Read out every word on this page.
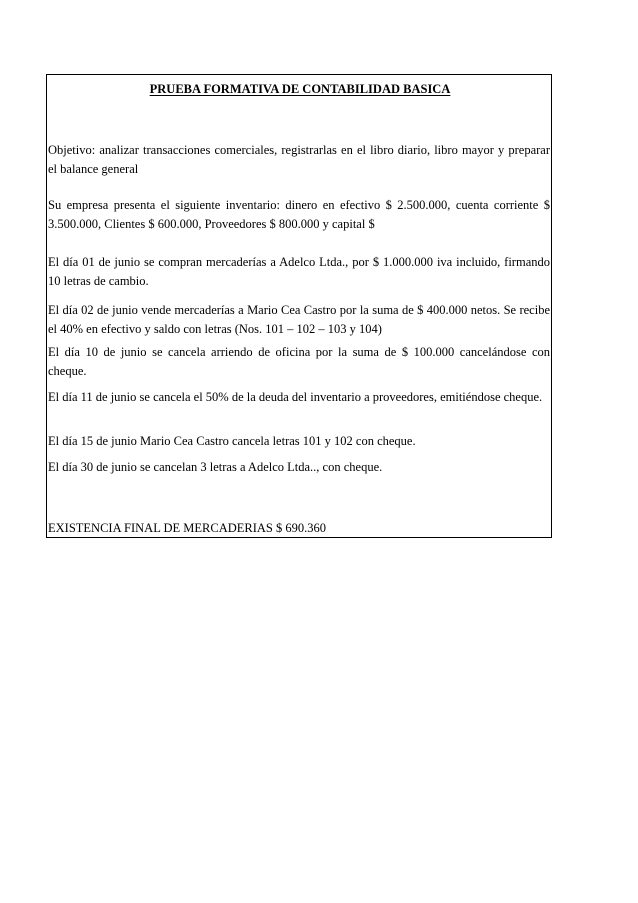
PRUEBA FORMATIVA DE CONTABILIDAD BASICA

Objetivo: analizar transacciones comerciales, registrarlas en el libro diario, libro mayor y preparar el balance general

Su empresa presenta el siguiente inventario: dinero en efectivo $ 2.500.000, cuenta corriente $ 3.500.000, Clientes $ 600.000, Proveedores $ 800.000 y capital $

El día 01 de junio se compran mercaderías a Adelco Ltda., por $ 1.000.000 iva incluido, firmando 10 letras de cambio.

El día 02 de junio vende mercaderías a Mario Cea Castro por la suma de $ 400.000 netos. Se recibe el 40% en efectivo y saldo con letras (Nos. 101 – 102 – 103 y 104)

El día 10 de junio se cancela arriendo de oficina por la suma de $ 100.000 cancelándose con cheque.

El día 11 de junio se cancela el 50% de la deuda del inventario a proveedores, emitiéndose cheque.

El día 15 de junio Mario Cea Castro cancela letras 101 y 102 con cheque.

El día 30 de junio se cancelan 3 letras a Adelco Ltda.., con cheque.

EXISTENCIA FINAL DE MERCADERIAS $ 690.360
